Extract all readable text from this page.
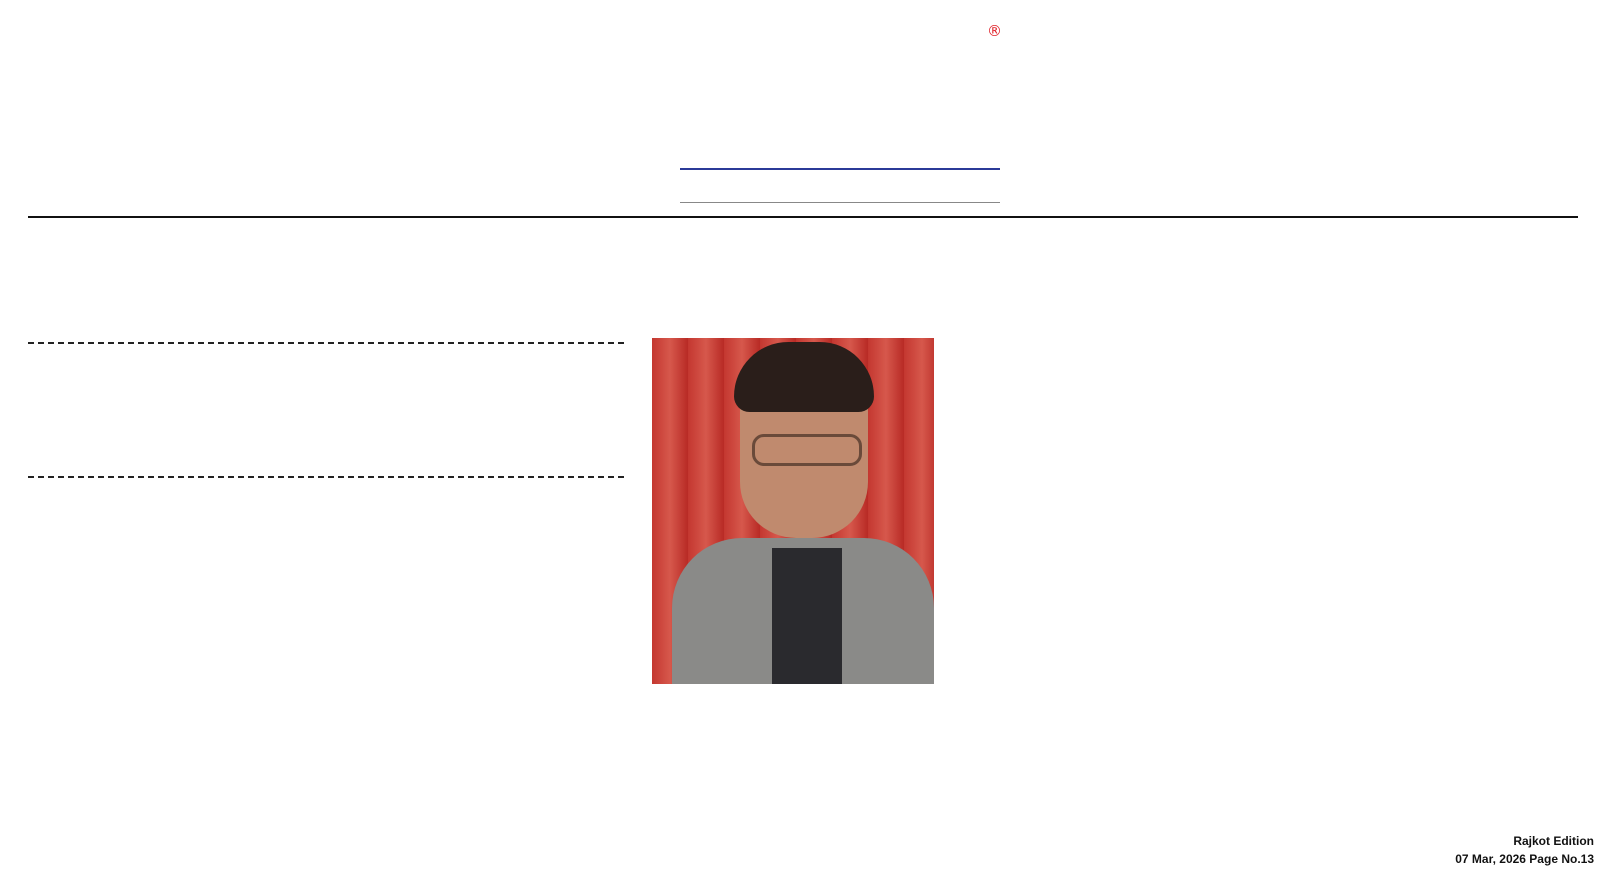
®
Rajkot Edition
07 Mar, 2026 Page No.13
